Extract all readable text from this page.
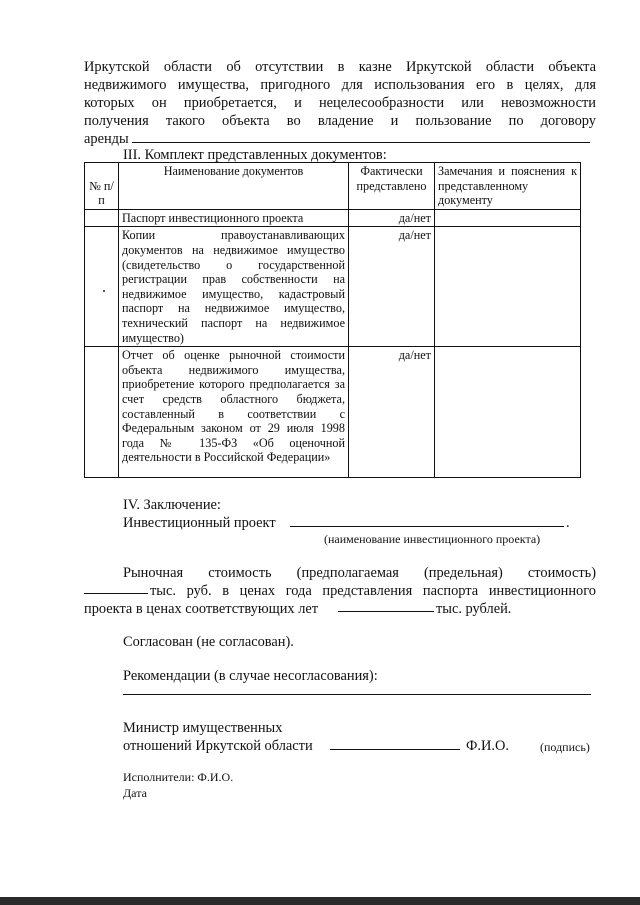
Иркутской области об отсутствии в казне Иркутской области объекта

недвижимого имущества, пригодного для использования его в целях, для

которых он приобретается, и нецелесообразности или невозможности

получения такого объекта во владение и пользование по договору

аренды

III. Комплект представленных документов:
№ п/п	Наименование документов	Фактически представлено	Замечания и пояснения к представленному документу
	Паспорт инвестиционного проекта	да/нет	
	Копии правоустанавливающих документов на недвижимое имущество (свидетельство о государственной регистрации прав собственности на недвижимое имущество, кадастровый паспорт на недвижимое имущество, технический паспорт на недвижимое имущество)	да/нет	
	Отчет об оценке рыночной стоимости объекта недвижимого имущества, приобретение которого предполагается за счет средств областного бюджета, составленный в соответствии с Федеральным законом от 29 июля 1998 года № 135-ФЗ «Об оценочной деятельности в Российской Федерации»	да/нет	
IV. Заключение:
Инвестиционный проект	.
(наименование инвестиционного проекта)
Рыночная стоимость (предполагаемая (предельная) стоимость)
тыс. руб. в ценах года представления паспорта инвестиционного
проекта в ценах соответствующих лет	тыс. рублей.
Согласован (не согласован).
Рекомендации (в случае несогласования):
Министр имущественных
отношений Иркутской области	Ф.И.О.	(подпись)
Исполнители: Ф.И.О.
Дата
